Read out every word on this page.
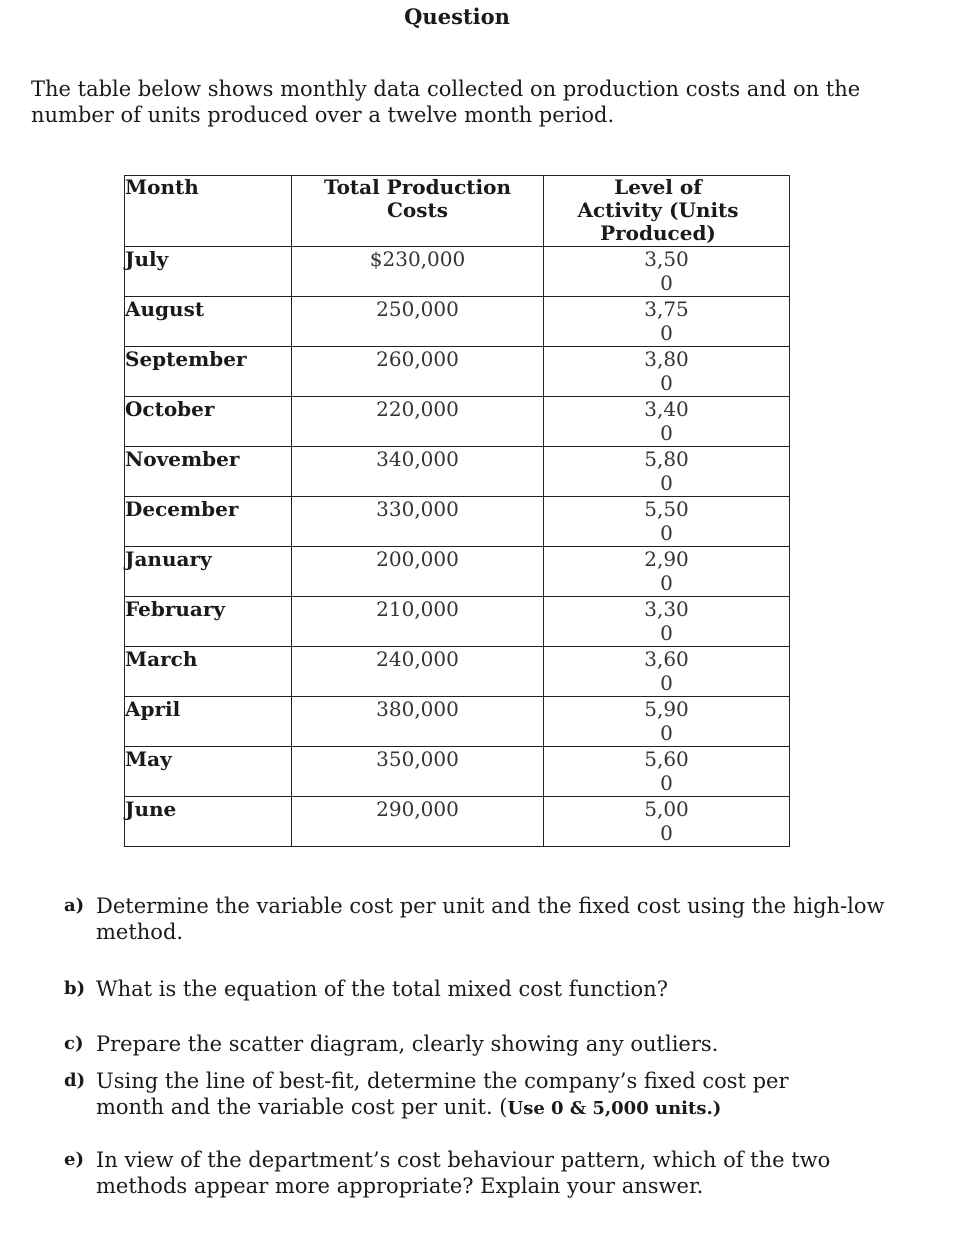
Question
The table below shows monthly data collected on production costs and on the number of units produced over a twelve month period.
Month	Total Production Costs	Level of Activity (Units Produced)

July	$230,000	3,500
August	250,000	3,750
September	260,000	3,800
October	220,000	3,400
November	340,000	5,800
December	330,000	5,500
January	200,000	2,900
February	210,000	3,300
March	240,000	3,600
April	380,000	5,900
May	350,000	5,600
June	290,000	5,000
a) Determine the variable cost per unit and the fixed cost using the high-low method.
b) What is the equation of the total mixed cost function?
c) Prepare the scatter diagram, clearly showing any outliers.
d) Using the line of best-fit, determine the company’s fixed cost per month and the variable cost per unit. (Use 0 & 5,000 units.)
e) In view of the department’s cost behaviour pattern, which of the two methods appear more appropriate? Explain your answer.
